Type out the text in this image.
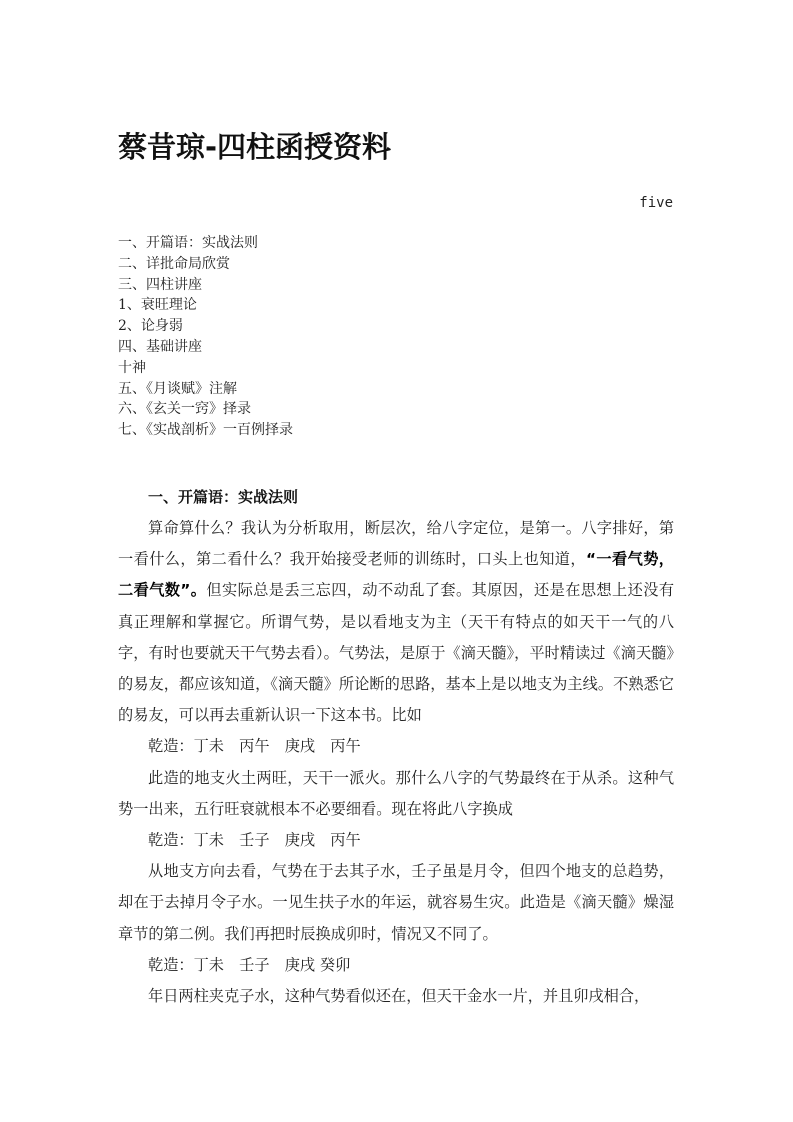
蔡昔琼-四柱函授资料
five
一、开篇语：实战法则
二、详批命局欣赏
三、四柱讲座
1、衰旺理论
2、论身弱
四、基础讲座
十神
五、《月谈赋》注解
六、《玄关一窍》择录
七、《实战剖析》一百例择录
一、开篇语：实战法则

算命算什么？我认为分析取用，断层次，给八字定位，是第一。八字排好，第一看什么，第二看什么？我开始接受老师的训练时，口头上也知道，“一看气势，二看气数”。但实际总是丢三忘四，动不动乱了套。其原因，还是在思想上还没有真正理解和掌握它。所谓气势，是以看地支为主（天干有特点的如天干一气的八字，有时也要就天干气势去看）。气势法，是原于《滴天髓》，平时精读过《滴天髓》的易友，都应该知道，《滴天髓》所论断的思路，基本上是以地支为主线。不熟悉它的易友，可以再去重新认识一下这本书。比如

乾造：丁未　丙午　庚戌　丙午

此造的地支火土两旺，天干一派火。那什么八字的气势最终在于从杀。这种气势一出来，五行旺衰就根本不必要细看。现在将此八字换成

乾造：丁未　壬子　庚戌　丙午

从地支方向去看，气势在于去其子水，壬子虽是月令，但四个地支的总趋势，却在于去掉月令子水。一见生扶子水的年运，就容易生灾。此造是《滴天髓》燥湿章节的第二例。我们再把时辰换成卯时，情况又不同了。

乾造：丁未　壬子　庚戌 癸卯

年日两柱夹克子水，这种气势看似还在，但天干金水一片，并且卯戌相合，
